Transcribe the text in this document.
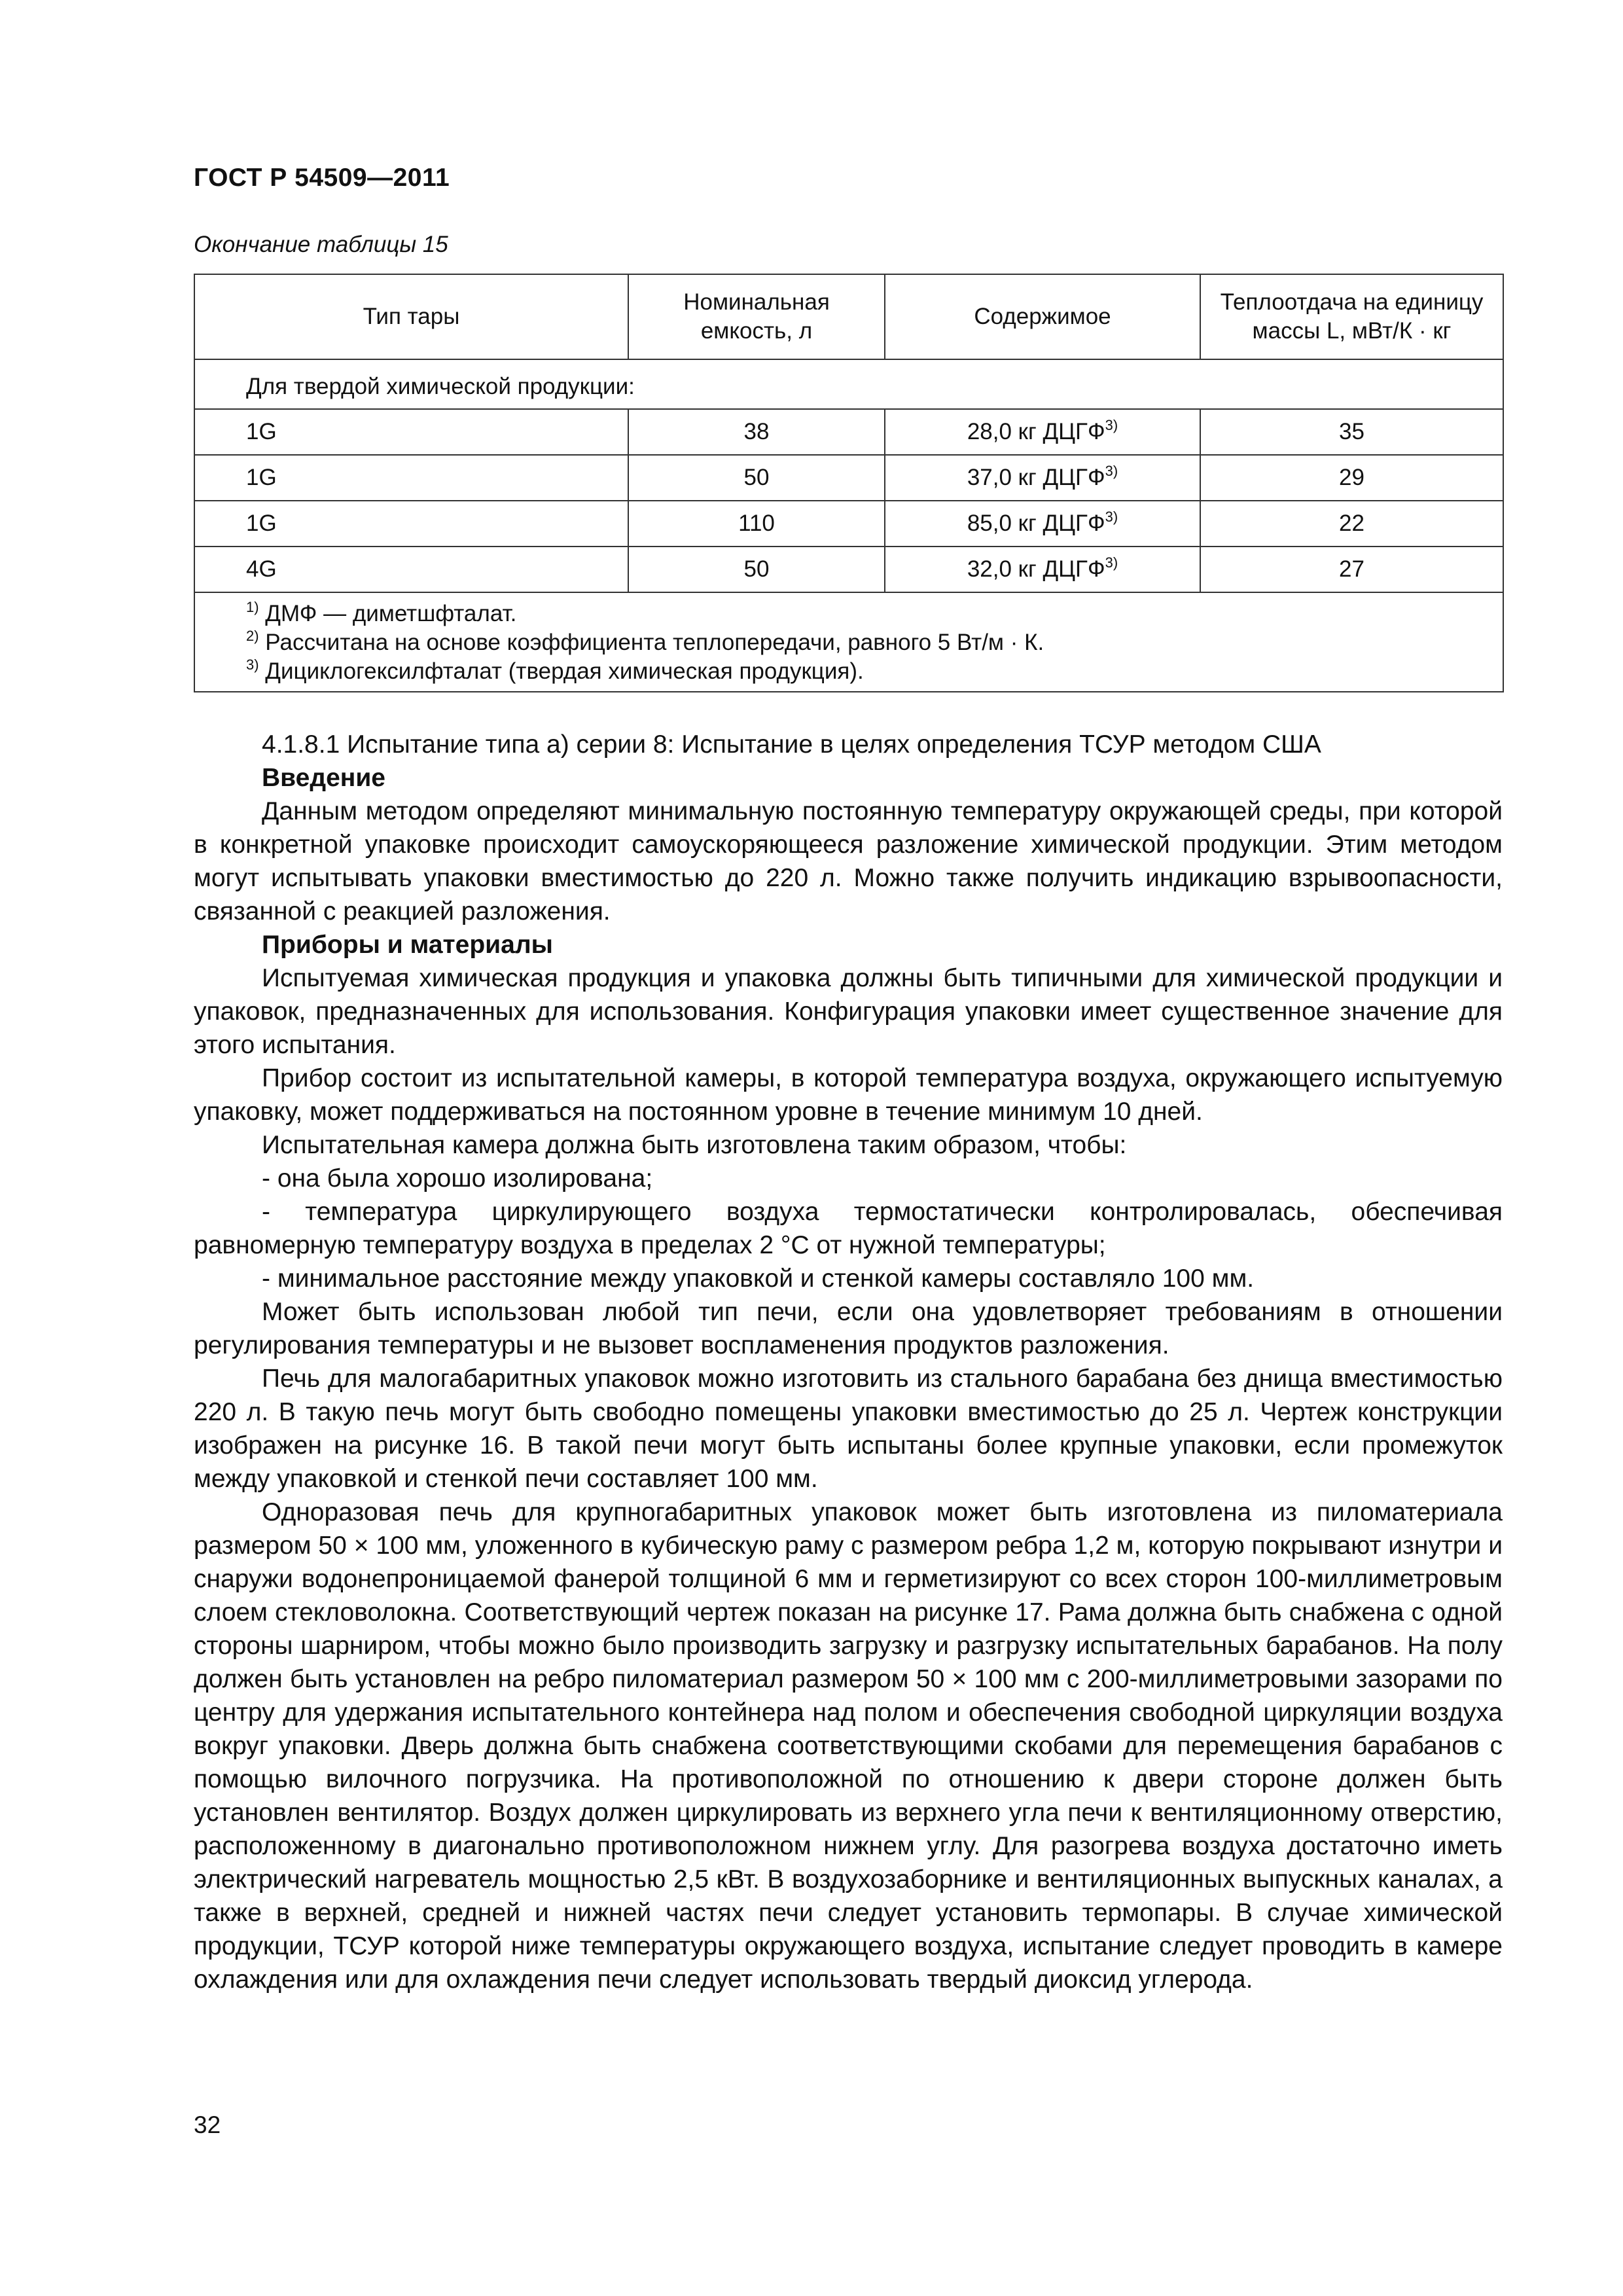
ГОСТ Р 54509—2011
Окончание таблицы 15
Тип тары	Номинальная емкость, л	Содержимое	Теплоотдача на единицу массы L, мВт/К · кг

Для твердой химической продукции:			
1G	38	28,0 кг ДЦГФ$^{3)}$	35
1G	50	37,0 кг ДЦГФ$^{3)}$	29
1G	110	85,0 кг ДЦГФ$^{3)}$	22
4G	50	32,0 кг ДЦГФ$^{3)}$	27

$^{1)}$ ДМФ — диметшфталат.
$^{2)}$ Рассчитана на основе коэффициента теплопередачи, равного 5 Вт/м · К.
$^{3)}$ Дициклогексилфталат (твердая химическая продукция).			

4.1.8.1 Испытание типа а) серии 8: Испытание в целях определения ТСУР методом США

Введение

Данным методом определяют минимальную постоянную температуру окружающей среды, при которой в конкретной упаковке происходит самоускоряющееся разложение химической продукции. Этим методом могут испытывать упаковки вместимостью до 220 л. Можно также получить индикацию взрывоопасности, связанной с реакцией разложения.

Приборы и материалы

Испытуемая химическая продукция и упаковка должны быть типичными для химической продукции и упаковок, предназначенных для использования. Конфигурация упаковки имеет существенное значение для этого испытания.

Прибор состоит из испытательной камеры, в которой температура воздуха, окружающего испытуемую упаковку, может поддерживаться на постоянном уровне в течение минимум 10 дней.

Испытательная камера должна быть изготовлена таким образом, чтобы:

- она была хорошо изолирована;

- температура циркулирующего воздуха термостатически контролировалась, обеспечивая равномерную температуру воздуха в пределах 2 °С от нужной температуры;

- минимальное расстояние между упаковкой и стенкой камеры составляло 100 мм.

Может быть использован любой тип печи, если она удовлетворяет требованиям в отношении регулирования температуры и не вызовет воспламенения продуктов разложения.

Печь для малогабаритных упаковок можно изготовить из стального барабана без днища вместимостью 220 л. В такую печь могут быть свободно помещены упаковки вместимостью до 25 л. Чертеж конструкции изображен на рисунке 16. В такой печи могут быть испытаны более крупные упаковки, если промежуток между упаковкой и стенкой печи составляет 100 мм.

Одноразовая печь для крупногабаритных упаковок может быть изготовлена из пиломатериала размером 50 × 100 мм, уложенного в кубическую раму с размером ребра 1,2 м, которую покрывают изнутри и снаружи водонепроницаемой фанерой толщиной 6 мм и герметизируют со всех сторон 100-миллиметровым слоем стекловолокна. Соответствующий чертеж показан на рисунке 17. Рама должна быть снабжена с одной стороны шарниром, чтобы можно было производить загрузку и разгрузку испытательных барабанов. На полу должен быть установлен на ребро пиломатериал размером 50 × 100 мм с 200-миллиметровыми зазорами по центру для удержания испытательного контейнера над полом и обеспечения свободной циркуляции воздуха вокруг упаковки. Дверь должна быть снабжена соответствующими скобами для перемещения барабанов с помощью вилочного погрузчика. На противоположной по отношению к двери стороне должен быть установлен вентилятор. Воздух должен циркулировать из верхнего угла печи к вентиляционному отверстию, расположенному в диагонально противоположном нижнем углу. Для разогрева воздуха достаточно иметь электрический нагреватель мощностью 2,5 кВт. В воздухозаборнике и вентиляционных выпускных каналах, а также в верхней, средней и нижней частях печи следует установить термопары. В случае химической продукции, ТСУР которой ниже температуры окружающего воздуха, испытание следует проводить в камере охлаждения или для охлаждения печи следует использовать твердый диоксид углерода.

32
